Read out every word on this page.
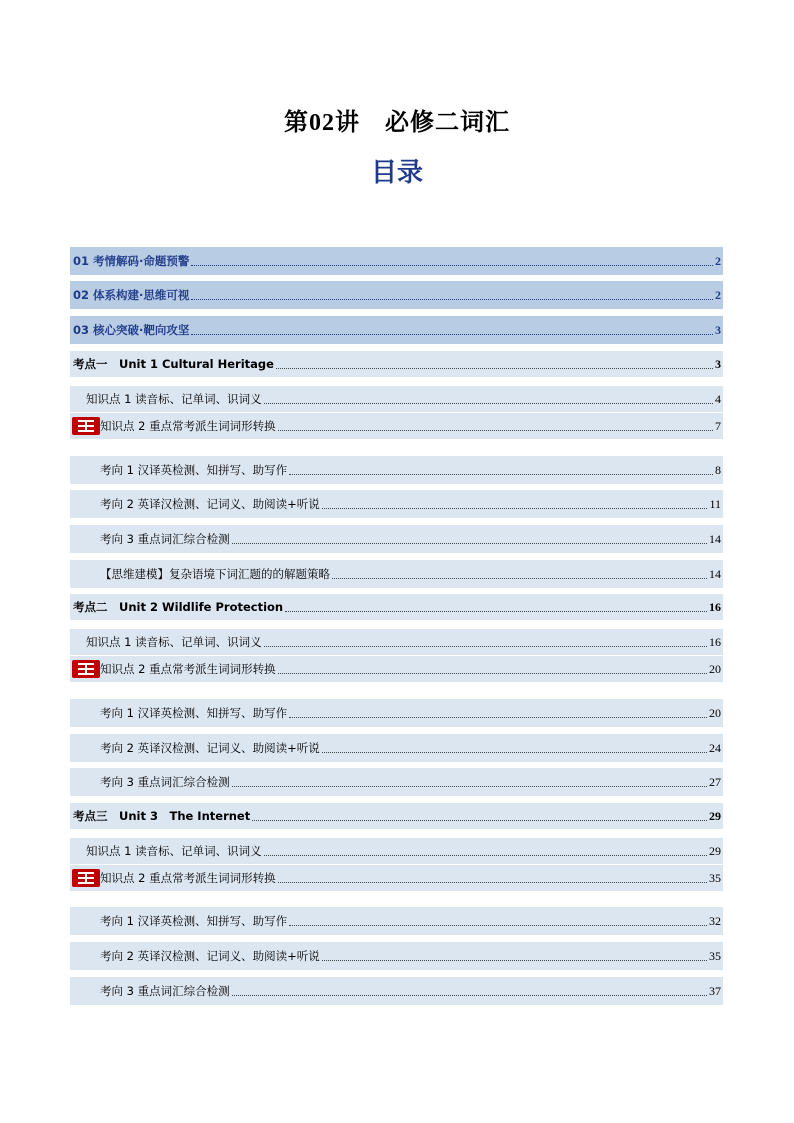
第02讲　必修二词汇
目录
01 考情解码·命题预警	2
02 体系构建·思维可视	2
03 核心突破·靶向攻坚	3
考点一　Unit 1 Cultural Heritage	3
知识点 1 读音标、记单词、识词义	4
知识点 2 重点常考派生词词形转换	7
考向 1 汉译英检测、知拼写、助写作	8
考向 2 英译汉检测、记词义、助阅读+听说	11
考向 3 重点词汇综合检测	14
【思维建模】复杂语境下词汇题的的解题策略	14
考点二　Unit 2 Wildlife Protection	16
知识点 1 读音标、记单词、识词义	16
知识点 2 重点常考派生词词形转换	20
考向 1 汉译英检测、知拼写、助写作	20
考向 2 英译汉检测、记词义、助阅读+听说	24
考向 3 重点词汇综合检测	27
考点三　Unit 3　The Internet	29
知识点 1 读音标、记单词、识词义	29
知识点 2 重点常考派生词词形转换	35
考向 1 汉译英检测、知拼写、助写作	32
考向 2 英译汉检测、记词义、助阅读+听说	35
考向 3 重点词汇综合检测	37
